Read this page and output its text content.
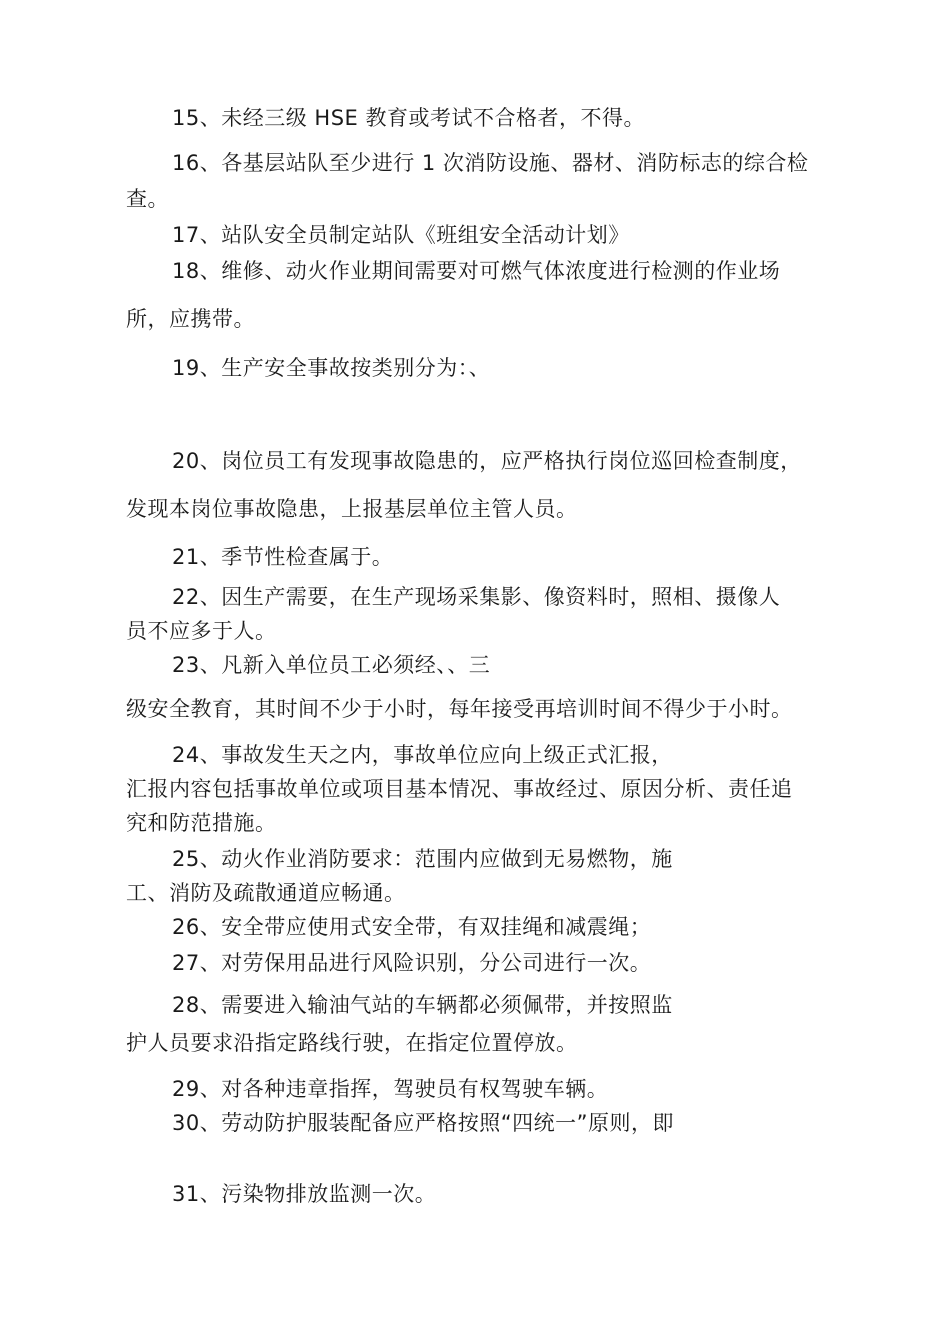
15、未经三级 HSE 教育或考试不合格者，不得。
16、各基层站队至少进行 1 次消防设施、器材、消防标志的综合检
查。
17、站队安全员制定站队《班组安全活动计划》
18、维修、动火作业期间需要对可燃气体浓度进行检测的作业场
所，应携带。
19、生产安全事故按类别分为：、
20、岗位员工有发现事故隐患的，应严格执行岗位巡回检查制度，
发现本岗位事故隐患，上报基层单位主管人员。
21、季节性检查属于。
22、因生产需要，在生产现场采集影、像资料时，照相、摄像人
员不应多于人。
23、凡新入单位员工必须经、、三
级安全教育，其时间不少于小时，每年接受再培训时间不得少于小时。
24、事故发生天之内，事故单位应向上级正式汇报，
汇报内容包括事故单位或项目基本情况、事故经过、原因分析、责任追
究和防范措施。
25、动火作业消防要求：范围内应做到无易燃物，施
工、消防及疏散通道应畅通。
26、安全带应使用式安全带，有双挂绳和减震绳；
27、对劳保用品进行风险识别，分公司进行一次。
28、需要进入输油气站的车辆都必须佩带，并按照监
护人员要求沿指定路线行驶，在指定位置停放。
29、对各种违章指挥，驾驶员有权驾驶车辆。
30、劳动防护服装配备应严格按照“四统一”原则，即
31、污染物排放监测一次。
